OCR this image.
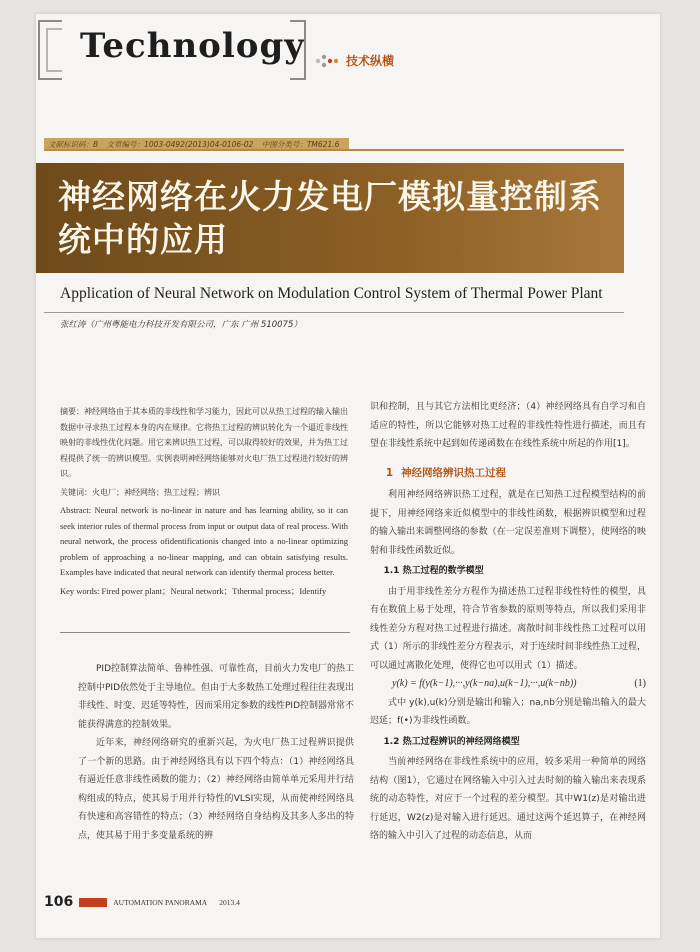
Technology	技术纵横
文献标识码：B 文章编号：1003-0492(2013)04-0106-02 中图分类号：TM621.6
神经网络在火力发电厂模拟量控制系统中的应用
Application of Neural Network on Modulation Control System of Thermal Power Plant
张红涛（广州粤能电力科技开发有限公司，广东 广州 510075）

摘要：神经网络由于其本质的非线性和学习能力，因此可以从热工过程的输入输出数据中寻求热工过程本身的内在规律。它将热工过程的辨识转化为一个逼近非线性映射的非线性优化问题。用它来辨识热工过程，可以取得较好的效果，并为热工过程提供了统一的辨识模型。实例表明神经网络能够对火电厂热工过程进行较好的辨识。

关键词：火电厂；神经网络；热工过程；辨识

Abstract: Neural network is no-linear in nature and has learning ability, so it can seek interior rules of thermal process from input or output data of real process. With neural network, the process ofidentificationis changed into a no-linear optimizing problem of approaching a no-linear mapping, and can obtain satisfying results. Examples have indicated that neural network can identify thermal process better.

Key words: Fired power plant；Neural network；Tthermal process；Identify

PID控制算法简单、鲁棒性强、可靠性高，目前火力发电厂的热工控制中PID依然处于主导地位。但由于大多数热工处理过程往往表现出非线性、时变、迟延等特性，因而采用定参数的线性PID控制器常常不能获得满意的控制效果。

近年来，神经网络研究的重新兴起，为火电厂热工过程辨识提供了一个新的思路。由于神经网络具有以下四个特点：（1）神经网络具有逼近任意非线性函数的能力；（2）神经网络由简单单元采用并行结构组成的特点，使其易于用并行特性的VLSI实现，从而使神经网络具有快速和高容错性的特点；（3）神经网络自身结构及其多人多出的特点，使其易于用于多变量系统的辨

识和控制，且与其它方法相比更经济；（4）神经网络具有自学习和自适应的特性，所以它能够对热工过程的非线性特性进行描述，而且有望在非线性系统中起到如传递函数在在线性系统中所起的作用[1]。

1 神经网络辨识热工过程

利用神经网络辨识热工过程，就是在已知热工过程模型结构的前提下，用神经网络来近似模型中的非线性函数，根据辨识模型和过程的输入输出来调整网络的参数（在一定误差准则下调整），使网络的映射和非线性函数近似。

1.1 热工过程的数学模型

由于用非线性差分方程作为描述热工过程非线性特性的模型，具有在数值上易于处理，符合节省参数的原则等特点，所以我们采用非线性差分方程对热工过程进行描述。离散时间非线性热工过程可以用式（1）所示的非线性差分方程表示，对于连续时间非线性热工过程，可以通过离散化处理，使得它也可以用式（1）描述。

y(k) = f(y(k−1),···,y(k−na),u(k−1),···,u(k−nb))	(1)

式中 y(k),u(k)分别是输出和输入；na,nb分别是输出输入的最大迟延；f(•)为非线性函数。

1.2 热工过程辨识的神经网络模型

当前神经网络在非线性系统中的应用，较多采用一种简单的网络结构（图1），它通过在网络输入中引入过去时刻的输入输出来表现系统的动态特性，对应于一个过程的差分模型。其中W1(z)是对输出进行延迟，W2(z)是对输入进行延迟。通过这两个延迟算子，在神经网络的输入中引入了过程的动态信息，从而

106	AUTOMATION PANORAMA 2013.4
